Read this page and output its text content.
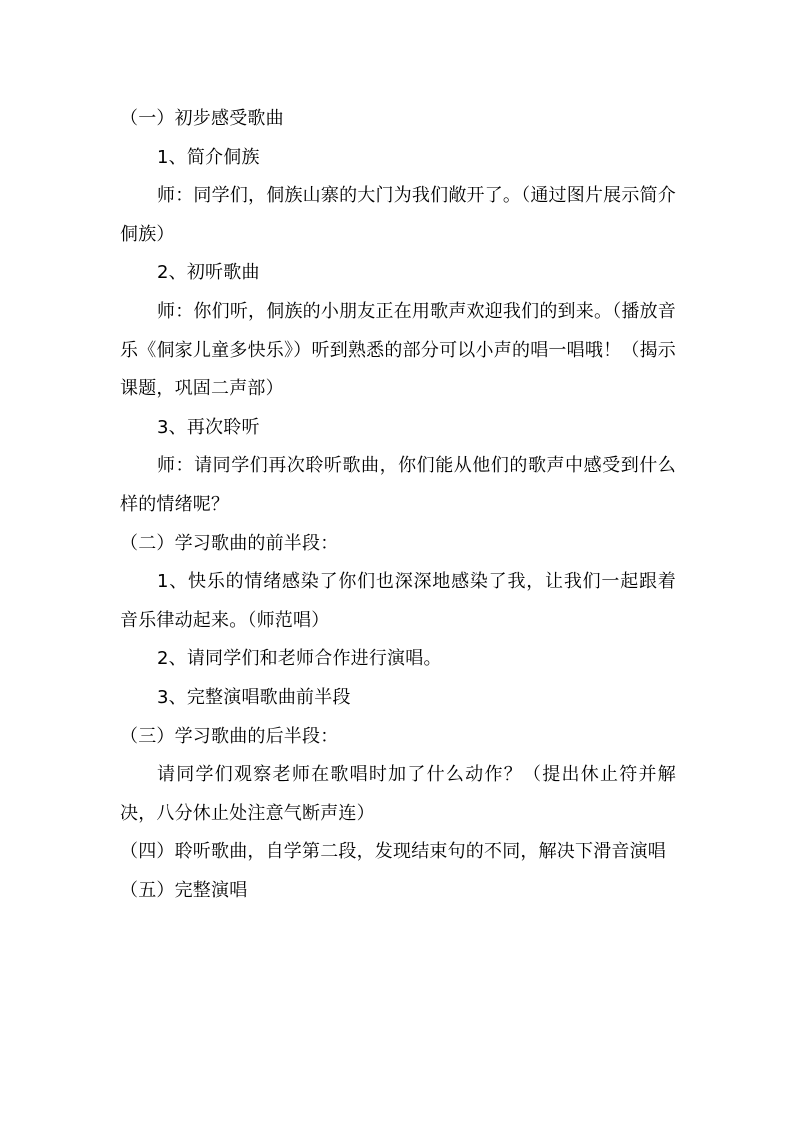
（一）初步感受歌曲

1、简介侗族

师：同学们，侗族山寨的大门为我们敞开了。（通过图片展示简介侗族）

2、初听歌曲

师：你们听，侗族的小朋友正在用歌声欢迎我们的到来。（播放音乐《侗家儿童多快乐》）听到熟悉的部分可以小声的唱一唱哦！（揭示课题，巩固二声部）

3、再次聆听

师：请同学们再次聆听歌曲，你们能从他们的歌声中感受到什么样的情绪呢？

（二）学习歌曲的前半段：

1、快乐的情绪感染了你们也深深地感染了我，让我们一起跟着音乐律动起来。（师范唱）

2、请同学们和老师合作进行演唱。

3、完整演唱歌曲前半段

（三）学习歌曲的后半段：

请同学们观察老师在歌唱时加了什么动作？（提出休止符并解决，八分休止处注意气断声连）

（四）聆听歌曲，自学第二段，发现结束句的不同，解决下滑音演唱

（五）完整演唱
